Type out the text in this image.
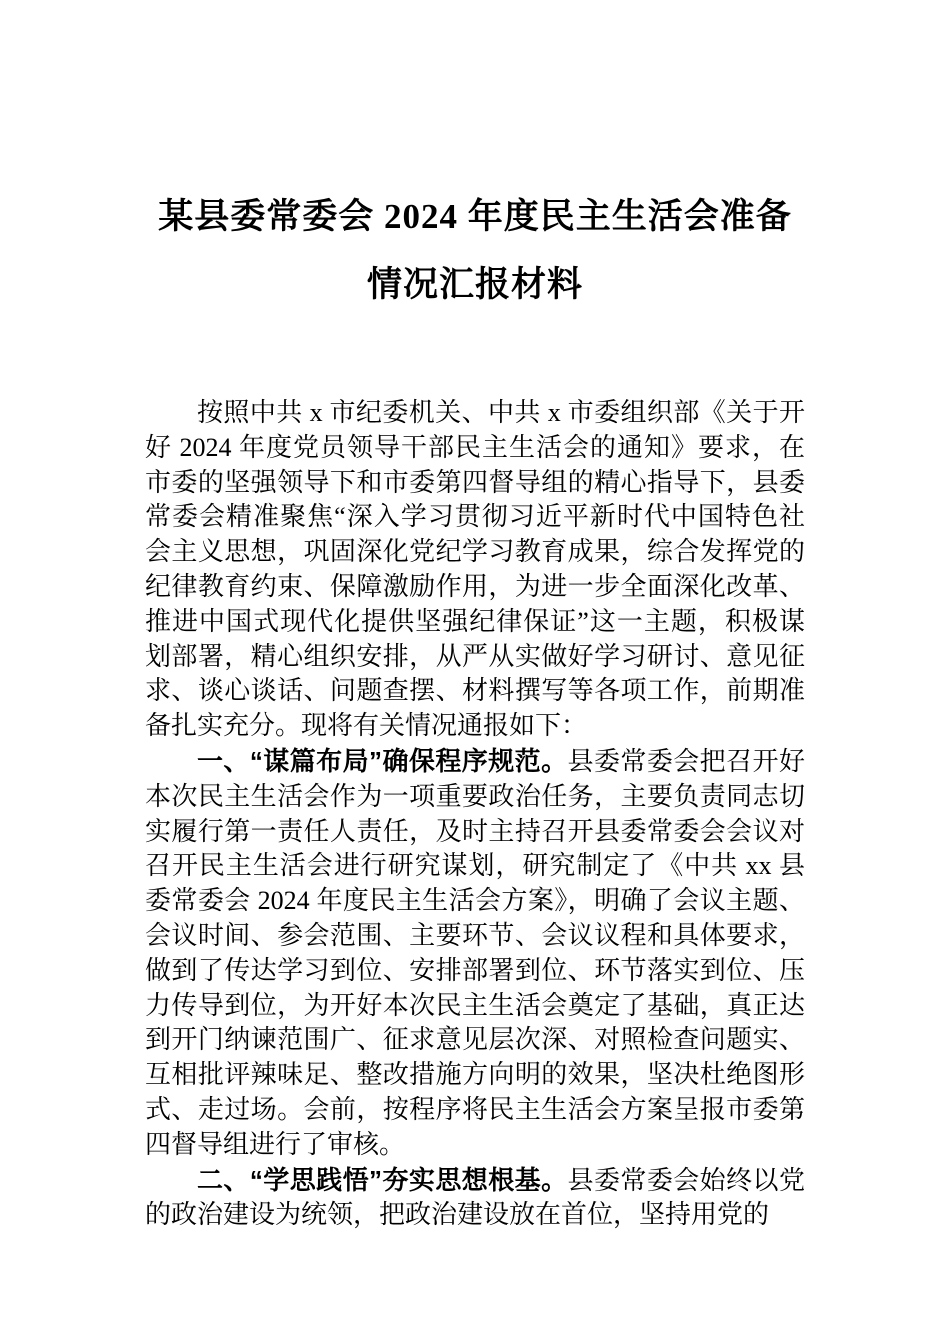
某县委常委会 2024 年度民主生活会准备情况汇报材料

按照中共 x 市纪委机关、中共 x 市委组织部《关于开好 2024 年度党员领导干部民主生活会的通知》要求，在市委的坚强领导下和市委第四督导组的精心指导下，县委常委会精准聚焦“深入学习贯彻习近平新时代中国特色社会主义思想，巩固深化党纪学习教育成果，综合发挥党的纪律教育约束、保障激励作用，为进一步全面深化改革、推进中国式现代化提供坚强纪律保证”这一主题，积极谋划部署，精心组织安排，从严从实做好学习研讨、意见征求、谈心谈话、问题查摆、材料撰写等各项工作，前期准备扎实充分。现将有关情况通报如下：

一、“谋篇布局”确保程序规范。县委常委会把召开好本次民主生活会作为一项重要政治任务，主要负责同志切实履行第一责任人责任，及时主持召开县委常委会会议对召开民主生活会进行研究谋划，研究制定了《中共 xx 县委常委会 2024 年度民主生活会方案》，明确了会议主题、会议时间、参会范围、主要环节、会议议程和具体要求，做到了传达学习到位、安排部署到位、环节落实到位、压力传导到位，为开好本次民主生活会奠定了基础，真正达到开门纳谏范围广、征求意见层次深、对照检查问题实、互相批评辣味足、整改措施方向明的效果，坚决杜绝图形式、走过场。会前，按程序将民主生活会方案呈报市委第四督导组进行了审核。

二、“学思践悟”夯实思想根基。县委常委会始终以党的政治建设为统领，把政治建设放在首位，坚持用党的
